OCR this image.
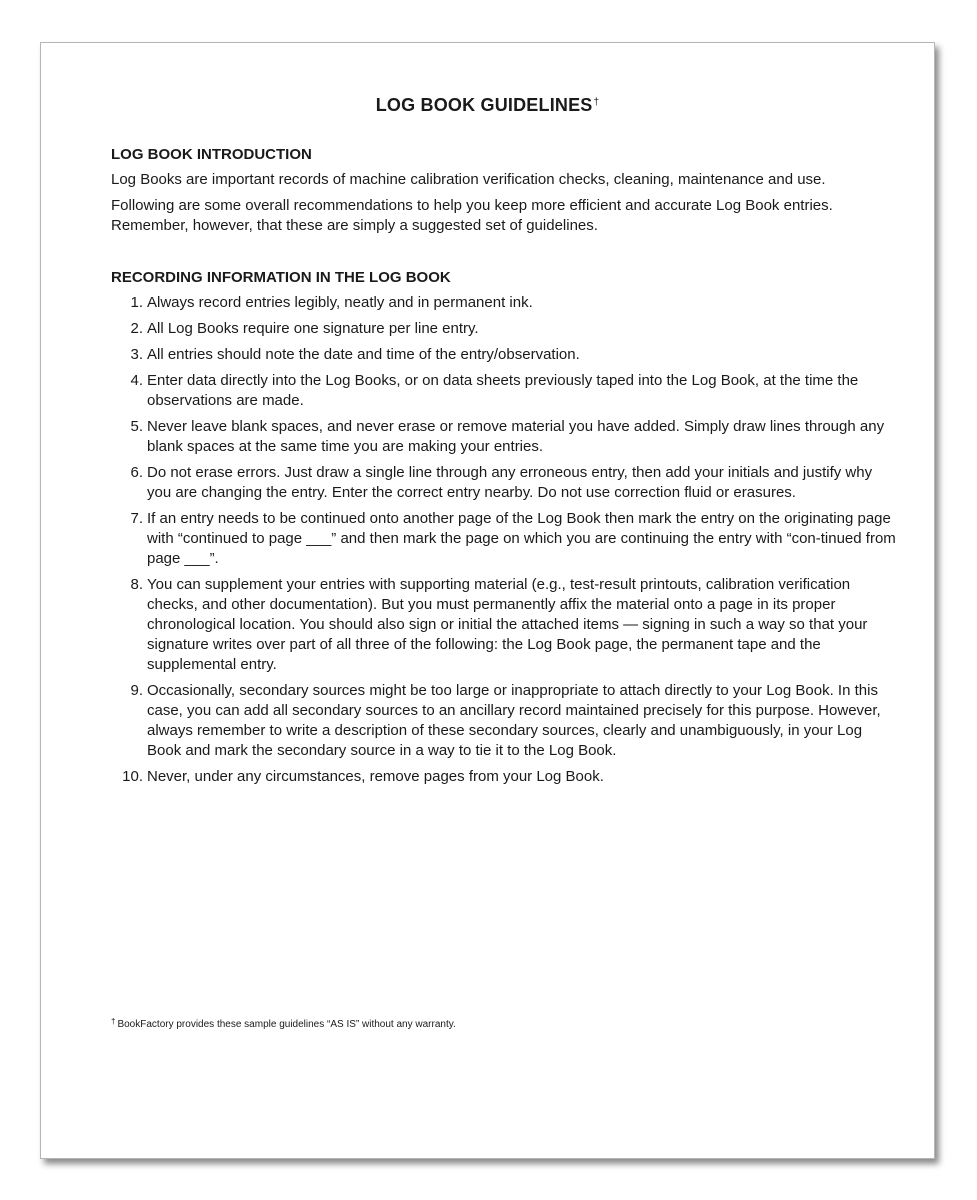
LOG BOOK GUIDELINES†
LOG BOOK INTRODUCTION

Log Books are important records of machine calibration verification checks, cleaning, maintenance and use.

Following are some overall recommendations to help you keep more efficient and accurate Log Book entries. Remember, however, that these are simply a suggested set of guidelines.

RECORDING INFORMATION IN THE LOG BOOK
1. Always record entries legibly, neatly and in permanent ink.
2. All Log Books require one signature per line entry.
3. All entries should note the date and time of the entry/observation.
4. Enter data directly into the Log Books, or on data sheets previously taped into the Log Book, at the time the observations are made.
5. Never leave blank spaces, and never erase or remove material you have added. Simply draw lines through any blank spaces at the same time you are making your entries.
6. Do not erase errors. Just draw a single line through any erroneous entry, then add your initials and justify why you are changing the entry. Enter the correct entry nearby. Do not use correction fluid or erasures.
7. If an entry needs to be continued onto another page of the Log Book then mark the entry on the originating page with “continued to page ___” and then mark the page on which you are continuing the entry with “con-tinued from page ___”.
8. You can supplement your entries with supporting material (e.g., test-result printouts, calibration verification checks, and other documentation). But you must permanently affix the material onto a page in its proper chronological location. You should also sign or initial the attached items — signing in such a way so that your signature writes over part of all three of the following: the Log Book page, the permanent tape and the supplemental entry.
9. Occasionally, secondary sources might be too large or inappropriate to attach directly to your Log Book. In this case, you can add all secondary sources to an ancillary record maintained precisely for this purpose. However, always remember to write a description of these secondary sources, clearly and unambiguously, in your Log Book and mark the secondary source in a way to tie it to the Log Book.
10. Never, under any circumstances, remove pages from your Log Book.
† BookFactory provides these sample guidelines “AS IS” without any warranty.
